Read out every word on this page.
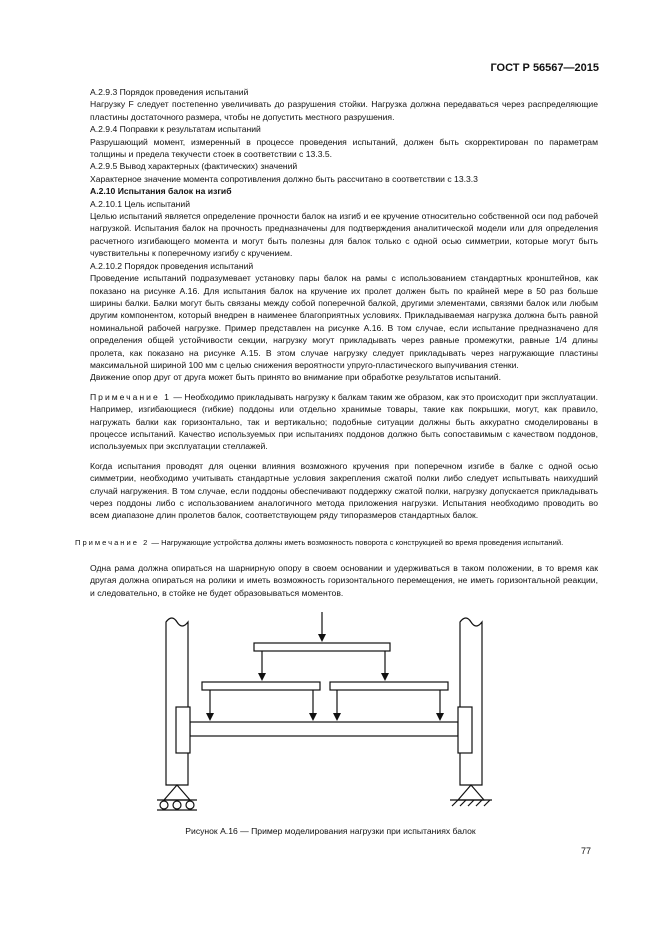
ГОСТ Р 56567—2015

A.2.9.3 Порядок проведения испытаний

Нагрузку F следует постепенно увеличивать до разрушения стойки. Нагрузка должна передаваться через распределяющие пластины достаточного размера, чтобы не допустить местного разрушения.

A.2.9.4 Поправки к результатам испытаний

Разрушающий момент, измеренный в процессе проведения испытаний, должен быть скорректирован по параметрам толщины и предела текучести стоек в соответствии с 13.3.5.

A.2.9.5 Вывод характерных (фактических) значений

Характерное значение момента сопротивления должно быть рассчитано в соответствии с 13.3.3

A.2.10 Испытания балок на изгиб

A.2.10.1 Цель испытаний

Целью испытаний является определение прочности балок на изгиб и ее кручение относительно собственной оси под рабочей нагрузкой. Испытания балок на прочность предназначены для подтверждения аналитической модели или для определения расчетного изгибающего момента и могут быть полезны для балок только с одной осью симметрии, которые могут быть чувствительны к поперечному изгибу с кручением.

A.2.10.2 Порядок проведения испытаний

Проведение испытаний подразумевает установку пары балок на рамы с использованием стандартных кронштейнов, как показано на рисунке А.16. Для испытания балок на кручение их пролет должен быть по крайней мере в 50 раз больше ширины балки. Балки могут быть связаны между собой поперечной балкой, другими элементами, связями балок или любым другим компонентом, который внедрен в наименее благоприятных условиях. Прикладываемая нагрузка должна быть равной номинальной рабочей нагрузке. Пример представлен на рисунке А.16. В том случае, если испытание предназначено для определения общей устойчивости секции, нагрузку могут прикладывать через равные промежутки, равные 1/4 длины пролета, как показано на рисунке А.15. В этом случае нагрузку следует прикладывать через нагружающие пластины максимальной шириной 100 мм с целью снижения вероятности упруго-пластического выпучивания стенки.

Движение опор друг от друга может быть принято во внимание при обработке результатов испытаний.

Примечание 1 — Необходимо прикладывать нагрузку к балкам таким же образом, как это происходит при эксплуатации. Например, изгибающиеся (гибкие) поддоны или отдельно хранимые товары, такие как покрышки, могут, как правило, нагружать балки как горизонтально, так и вертикально; подобные ситуации должны быть аккуратно смоделированы в процессе испытаний. Качество используемых при испытаниях поддонов должно быть сопоставимым с качеством поддонов, используемых при эксплуатации стеллажей.

Когда испытания проводят для оценки влияния возможного кручения при поперечном изгибе в балке с одной осью симметрии, необходимо учитывать стандартные условия закрепления сжатой полки либо следует испытывать наихудший случай нагружения. В том случае, если поддоны обеспечивают поддержку сжатой полки, нагрузку допускается прикладывать через поддоны либо с использованием аналогичного метода приложения нагрузки. Испытания необходимо проводить во всем диапазоне длин пролетов балок, соответствующем ряду типоразмеров стандартных балок.

Примечание 2 — Нагружающие устройства должны иметь возможность поворота с конструкцией во время проведения испытаний.

Одна рама должна опираться на шарнирную опору в своем основании и удерживаться в таком положении, в то время как другая должна опираться на ролики и иметь возможность горизонтального перемещения, не иметь горизонтальной реакции, и следовательно, в стойке не будет образовываться моментов.

Рисунок А.16 — Пример моделирования нагрузки при испытаниях балок
77
